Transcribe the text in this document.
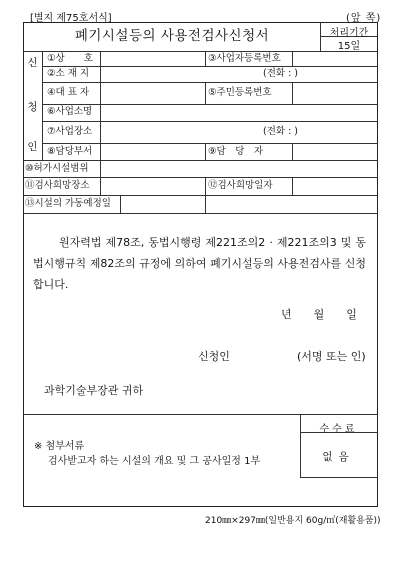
[별지 제75호서식]	(앞 쪽)
폐기시설등의 사용전검사신청서	처리기간
15일
신
청
인
①상　　호	③사업자등록번호
②소 재 지	(전화 : )
④대 표 자	⑤주민등록번호
⑥사업소명
⑦사업장소	(전화 : )
⑧담당부서	⑨담　당　자
⑩허가시설범위
⑪검사희망장소	⑫검사희망일자
⑬시설의 가동예정일
원자력법 제78조, 동법시행령 제221조의2 · 제221조의3 및 동법시행규칙 제82조의 규정에 의하여 폐기시설등의 사용전검사를 신청합니다.
년　　월　　일
신청인	(서명 또는 인)
과학기술부장관 귀하
※ 첨부서류
검사받고자 하는 시설의 개요 및 그 공사일정 1부
수수료
없음
210㎜×297㎜(일반용지 60g/㎡(재활용품))
